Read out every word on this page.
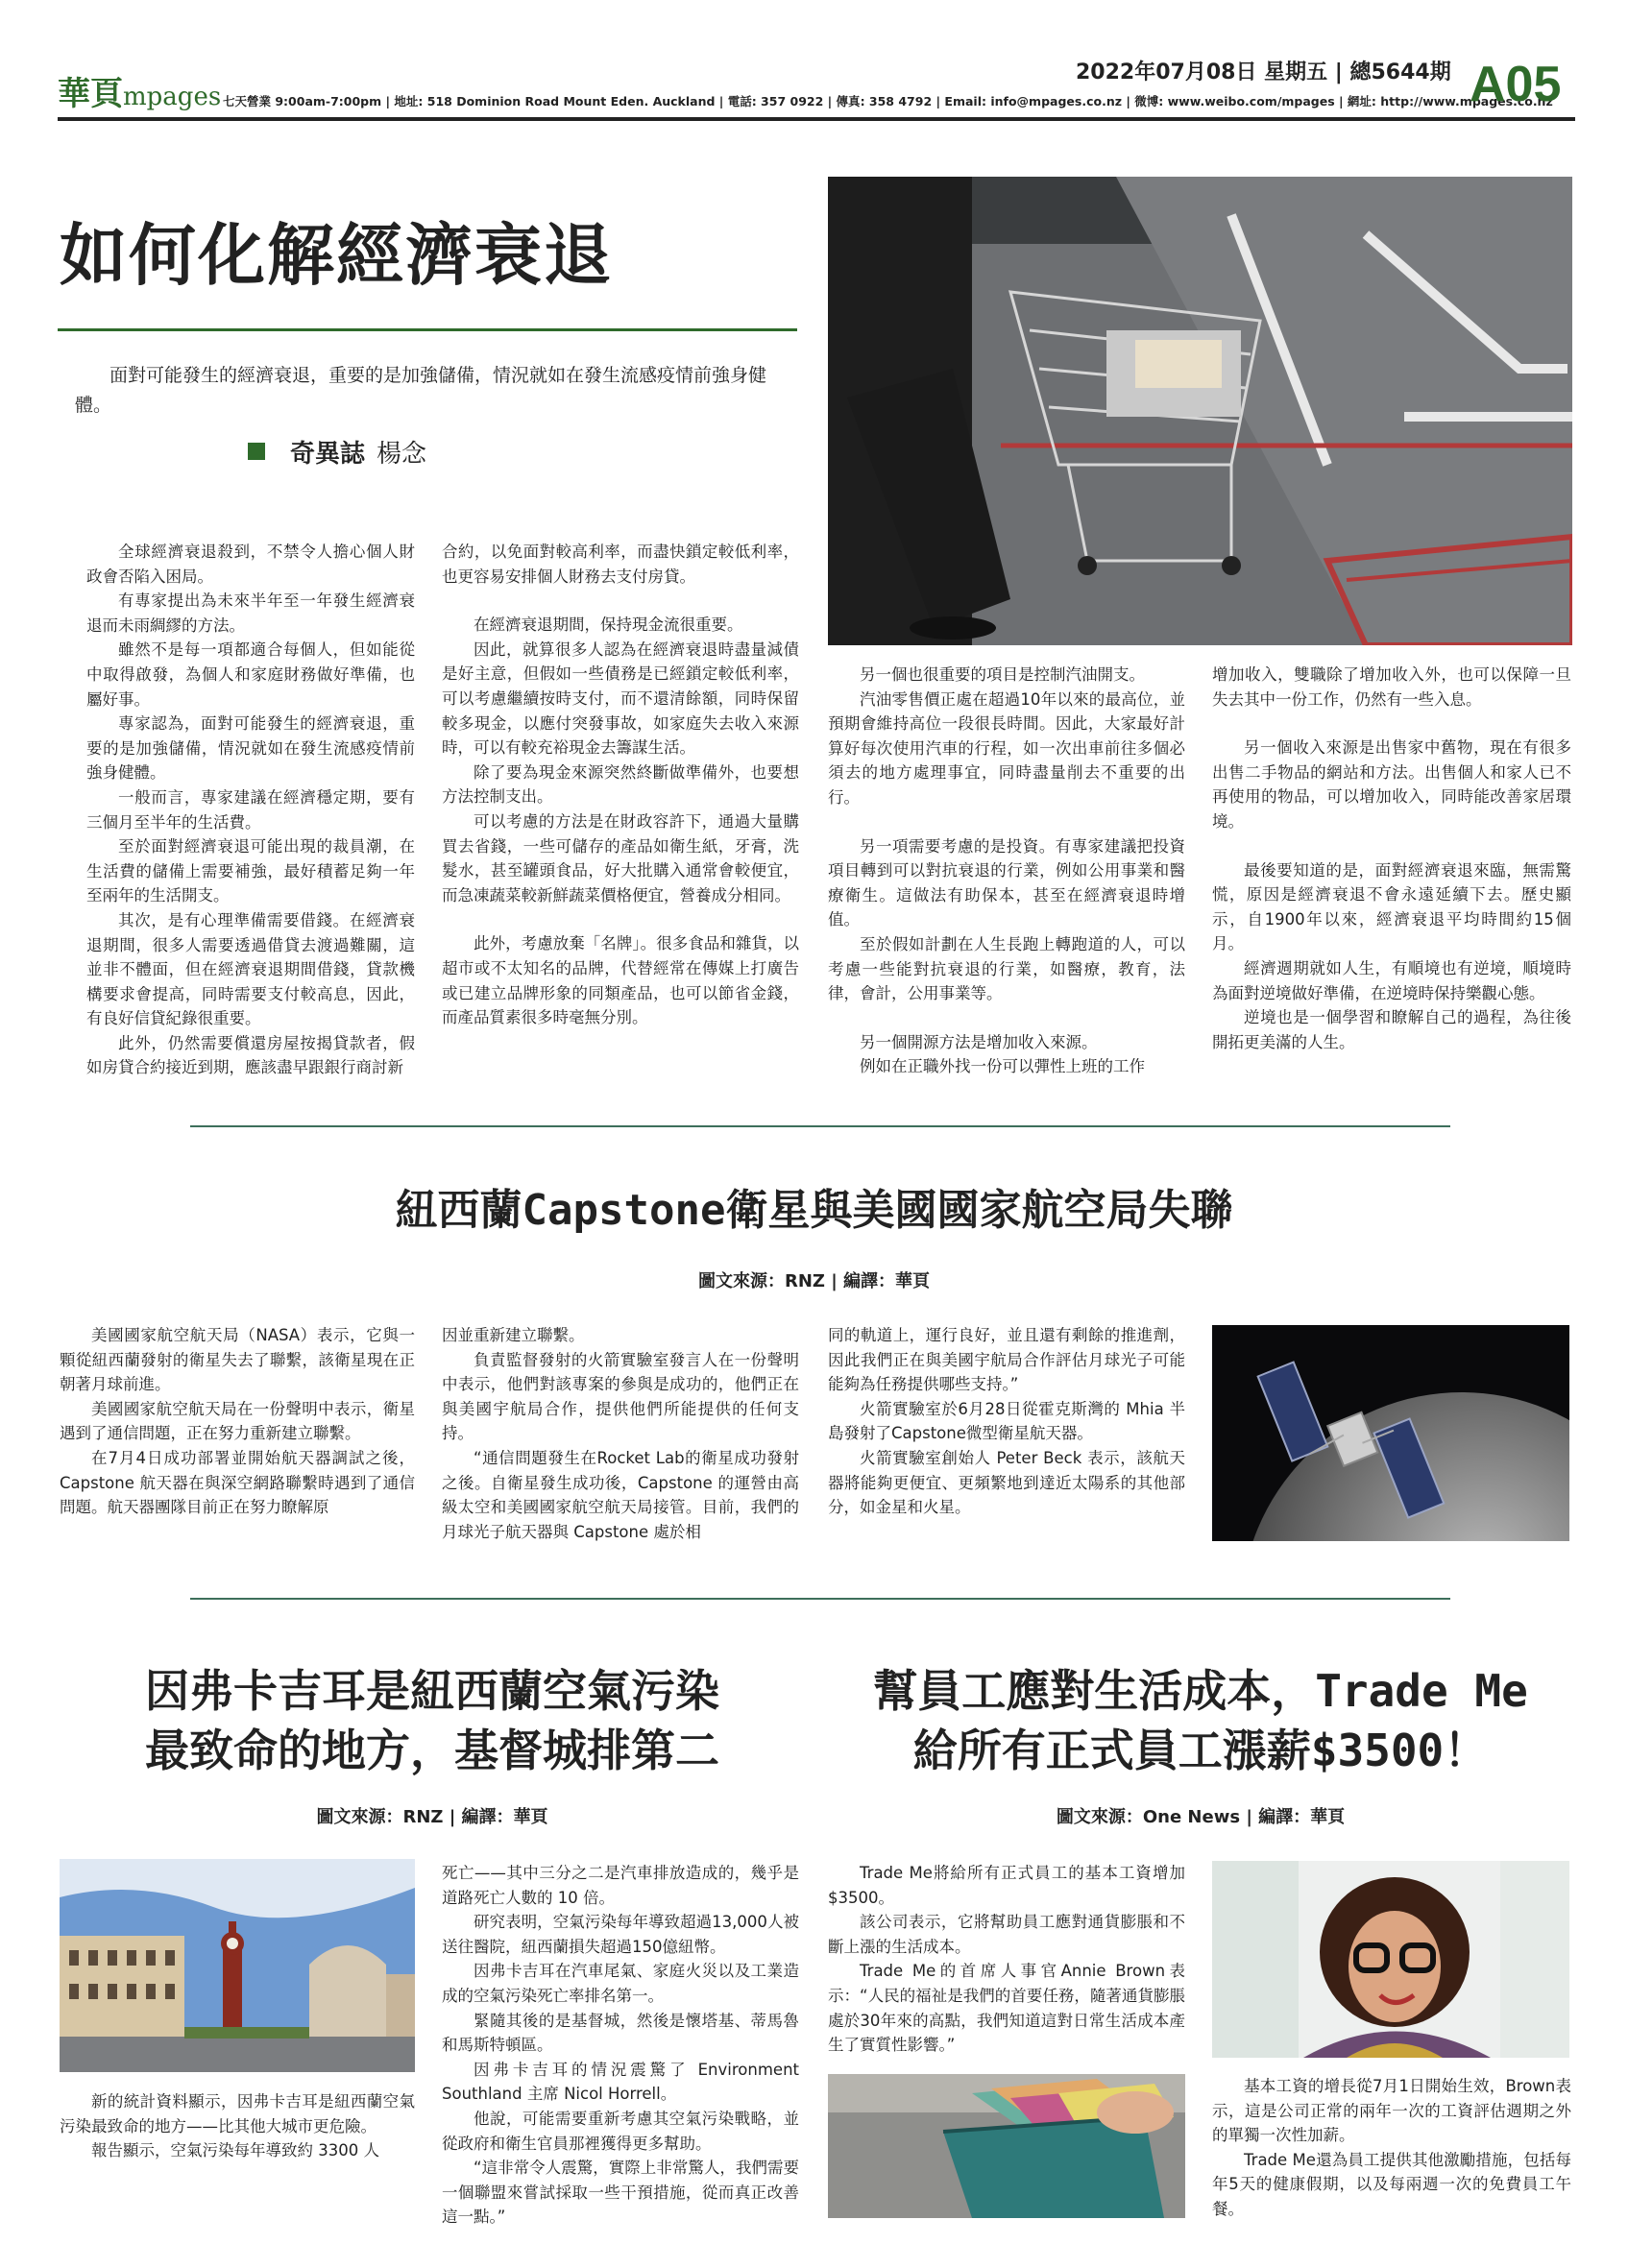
華頁mpages 七天營業 9:00am-7:00pm | 地址: 518 Dominion Road Mount Eden. Auckland | 電話: 357 0922 | 傳真: 358 4792 | Email: info@mpages.co.nz | 微博: www.weibo.com/mpages | 網址: http://www.mpages.co.nz
2022年07月08日 星期五 | 總5644期 A05
如何化解經濟衰退
面對可能發生的經濟衰退，重要的是加強儲備，情況就如在發生流感疫情前強身健體。
奇異誌 楊念

全球經濟衰退殺到，不禁令人擔心個人財政會否陷入困局。

有專家提出為未來半年至一年發生經濟衰退而未雨綢繆的方法。

雖然不是每一項都適合每個人，但如能從中取得啟發，為個人和家庭財務做好準備，也屬好事。

專家認為，面對可能發生的經濟衰退，重要的是加強儲備，情況就如在發生流感疫情前強身健體。

一般而言，專家建議在經濟穩定期，要有三個月至半年的生活費。

至於面對經濟衰退可能出現的裁員潮，在生活費的儲備上需要補強，最好積蓄足夠一年至兩年的生活開支。

其次，是有心理準備需要借錢。在經濟衰退期間，很多人需要透過借貸去渡過難關，這並非不體面，但在經濟衰退期間借錢，貸款機構要求會提高，同時需要支付較高息，因此，有良好信貸紀錄很重要。

此外，仍然需要償還房屋按揭貸款者，假如房貸合約接近到期，應該盡早跟銀行商討新

合約，以免面對較高利率，而盡快鎖定較低利率，也更容易安排個人財務去支付房貸。

在經濟衰退期間，保持現金流很重要。

因此，就算很多人認為在經濟衰退時盡量減債是好主意，但假如一些債務是已經鎖定較低利率，可以考慮繼續按時支付，而不還清餘額，同時保留較多現金，以應付突發事故，如家庭失去收入來源時，可以有較充裕現金去籌謀生活。

除了要為現金來源突然終斷做準備外，也要想方法控制支出。

可以考慮的方法是在財政容許下，通過大量購買去省錢，一些可儲存的產品如衛生紙，牙膏，洗髮水，甚至罐頭食品，好大批購入通常會較便宜，而急凍蔬菜較新鮮蔬菜價格便宜，營養成分相同。

此外，考慮放棄「名牌」。很多食品和雜貨，以超市或不太知名的品牌，代替經常在傳媒上打廣告或已建立品牌形象的同類產品，也可以節省金錢，而產品質素很多時毫無分別。

另一個也很重要的項目是控制汽油開支。

汽油零售價正處在超過10年以來的最高位，並預期會維持高位一段很長時間。因此，大家最好計算好每次使用汽車的行程，如一次出車前往多個必須去的地方處理事宜，同時盡量削去不重要的出行。

另一項需要考慮的是投資。有專家建議把投資項目轉到可以對抗衰退的行業，例如公用事業和醫療衛生。這做法有助保本，甚至在經濟衰退時增值。

至於假如計劃在人生長跑上轉跑道的人，可以考慮一些能對抗衰退的行業，如醫療，教育，法律，會計，公用事業等。

另一個開源方法是增加收入來源。

例如在正職外找一份可以彈性上班的工作

增加收入，雙職除了增加收入外，也可以保障一旦失去其中一份工作，仍然有一些入息。

另一個收入來源是出售家中舊物，現在有很多出售二手物品的網站和方法。出售個人和家人已不再使用的物品，可以增加收入，同時能改善家居環境。

最後要知道的是，面對經濟衰退來臨，無需驚慌，原因是經濟衰退不會永遠延續下去。歷史顯示，自1900年以來，經濟衰退平均時間約15個月。

經濟週期就如人生，有順境也有逆境，順境時為面對逆境做好準備，在逆境時保持樂觀心態。

逆境也是一個學習和瞭解自己的過程，為往後開拓更美滿的人生。

紐西蘭Capstone衛星與美國國家航空局失聯
圖文來源：RNZ | 編譯：華頁

美國國家航空航天局（NASA）表示，它與一顆從紐西蘭發射的衛星失去了聯繫，該衛星現在正朝著月球前進。

美國國家航空航天局在一份聲明中表示，衛星遇到了通信問題，正在努力重新建立聯繫。

在7月4日成功部署並開始航天器調試之後，Capstone 航天器在與深空網路聯繫時遇到了通信問題。航天器團隊目前正在努力瞭解原

因並重新建立聯繫。

負責監督發射的火箭實驗室發言人在一份聲明中表示，他們對該專案的參與是成功的，他們正在與美國宇航局合作，提供他們所能提供的任何支持。

“通信問題發生在Rocket Lab的衛星成功發射之後。自衛星發生成功後，Capstone 的運營由高級太空和美國國家航空航天局接管。目前，我們的月球光子航天器與 Capstone 處於相

同的軌道上，運行良好，並且還有剩餘的推進劑，因此我們正在與美國宇航局合作評估月球光子可能能夠為任務提供哪些支持。”

火箭實驗室於6月28日從霍克斯灣的 Mhia 半島發射了Capstone微型衛星航天器。

火箭實驗室創始人 Peter Beck 表示，該航天器將能夠更便宜、更頻繁地到達近太陽系的其他部分，如金星和火星。

因弗卡吉耳是紐西蘭空氣污染
最致命的地方，基督城排第二
圖文來源：RNZ | 編譯：華頁

新的統計資料顯示，因弗卡吉耳是紐西蘭空氣污染最致命的地方——比其他大城市更危險。

報告顯示，空氣污染每年導致約 3300 人

死亡——其中三分之二是汽車排放造成的，幾乎是道路死亡人數的 10 倍。

研究表明，空氣污染每年導致超過13,000人被送往醫院，紐西蘭損失超過150億紐幣。

因弗卡吉耳在汽車尾氣、家庭火災以及工業造成的空氣污染死亡率排名第一。

緊隨其後的是基督城，然後是懷塔基、蒂馬魯和馬斯特頓區。

因弗卡吉耳的情況震驚了 Environment Southland 主席 Nicol Horrell。

他說，可能需要重新考慮其空氣污染戰略，並從政府和衛生官員那裡獲得更多幫助。

“這非常令人震驚，實際上非常驚人，我們需要一個聯盟來嘗試採取一些干預措施，從而真正改善這一點。”

幫員工應對生活成本，Trade Me
給所有正式員工漲薪$3500！
圖文來源：One News | 編譯：華頁

Trade Me將給所有正式員工的基本工資增加$3500。

該公司表示，它將幫助員工應對通貨膨脹和不斷上漲的生活成本。

Trade Me的首席人事官Annie Brown表示：“人民的福祉是我們的首要任務，隨著通貨膨脹處於30年來的高點，我們知道這對日常生活成本產生了實質性影響。”

基本工資的增長從7月1日開始生效，Brown表示，這是公司正常的兩年一次的工資評估週期之外的單獨一次性加薪。

Trade Me還為員工提供其他激勵措施，包括每年5天的健康假期，以及每兩週一次的免費員工午餐。
